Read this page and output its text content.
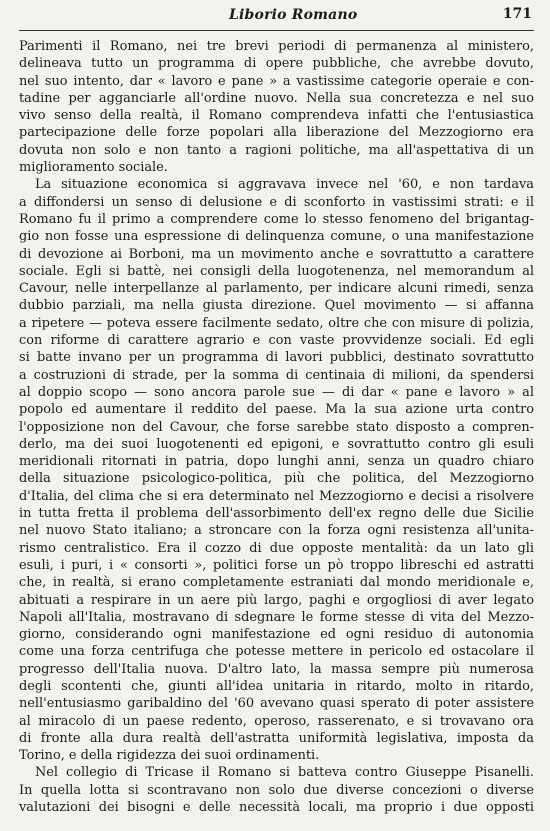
Liborio Romano	171
Parimenti il Romano, nei tre brevi periodi di permanenza al ministero,
delineava tutto un programma di opere pubbliche, che avrebbe dovuto,
nel suo intento, dar « lavoro e pane » a vastissime categorie operaie e con-
tadine per agganciarle all'ordine nuovo. Nella sua concretezza e nel suo
vivo senso della realtà, il Romano comprendeva infatti che l'entusiastica
partecipazione delle forze popolari alla liberazione del Mezzogiorno era
dovuta non solo e non tanto a ragioni politiche, ma all'aspettativa di un
miglioramento sociale.
La situazione economica si aggravava invece nel '60, e non tardava
a diffondersi un senso di delusione e di sconforto in vastissimi strati: e il
Romano fu il primo a comprendere come lo stesso fenomeno del brigantag-
gio non fosse una espressione di delinquenza comune, o una manifestazione
di devozione ai Borboni, ma un movimento anche e sovrattutto a carattere
sociale. Egli si battè, nei consigli della luogotenenza, nel memorandum al
Cavour, nelle interpellanze al parlamento, per indicare alcuni rimedi, senza
dubbio parziali, ma nella giusta direzione. Quel movimento — si affanna
a ripetere — poteva essere facilmente sedato, oltre che con misure di polizia,
con riforme di carattere agrario e con vaste provvidenze sociali. Ed egli
si batte invano per un programma di lavori pubblici, destinato sovrattutto
a costruzioni di strade, per la somma di centinaia di milioni, da spendersi
al doppio scopo — sono ancora parole sue — di dar « pane e lavoro » al
popolo ed aumentare il reddito del paese. Ma la sua azione urta contro
l'opposizione non del Cavour, che forse sarebbe stato disposto a compren-
derlo, ma dei suoi luogotenenti ed epigoni, e sovrattutto contro gli esuli
meridionali ritornati in patria, dopo lunghi anni, senza un quadro chiaro
della situazione psicologico-politica, più che politica, del Mezzogiorno
d'Italia, del clima che si era determinato nel Mezzogiorno e decisi a risolvere
in tutta fretta il problema dell'assorbimento dell'ex regno delle due Sicilie
nel nuovo Stato italiano; a stroncare con la forza ogni resistenza all'unita-
rismo centralistico. Era il cozzo di due opposte mentalità: da un lato gli
esuli, i puri, i « consorti », politici forse un pò troppo libreschi ed astratti
che, in realtà, si erano completamente estraniati dal mondo meridionale e,
abituati a respirare in un aere più largo, paghi e orgogliosi di aver legato
Napoli all'Italia, mostravano di sdegnare le forme stesse di vita del Mezzo-
giorno, considerando ogni manifestazione ed ogni residuo di autonomia
come una forza centrifuga che potesse mettere in pericolo ed ostacolare il
progresso dell'Italia nuova. D'altro lato, la massa sempre più numerosa
degli scontenti che, giunti all'idea unitaria in ritardo, molto in ritardo,
nell'entusiasmo garibaldino del '60 avevano quasi sperato di poter assistere
al miracolo di un paese redento, operoso, rasserenato, e si trovavano ora
di fronte alla dura realtà dell'astratta uniformità legislativa, imposta da
Torino, e della rigidezza dei suoi ordinamenti.
Nel collegio di Tricase il Romano si batteva contro Giuseppe Pisanelli.
In quella lotta si scontravano non solo due diverse concezioni o diverse
valutazioni dei bisogni e delle necessità locali, ma proprio i due opposti
